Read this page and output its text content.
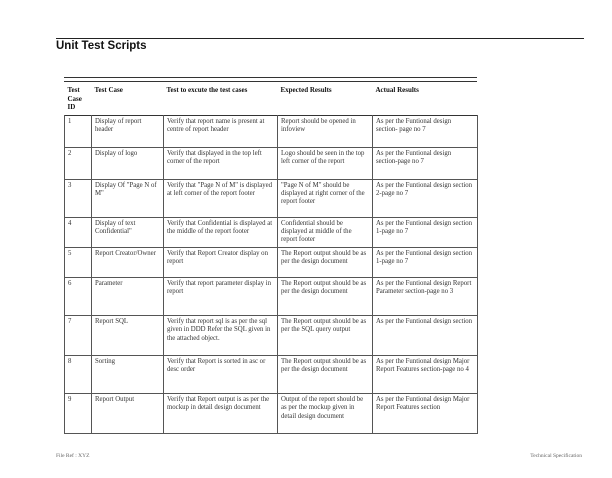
Unit Test Scripts
Test Case ID	Test Case	Test to excute the test cases	Expected Results	Actual Results
1	Display of report header	Verify that report name is present at centre of report header	Report should be opened in infoview	As per the Funtional design section- page no 7
2	Display of logo	Verify that displayed in the top left corner of the report	Logo should be seen in the top left corner of the report	As per the Funtional design section-page no 7
3	Display Of "Page N of M"	Verify that "Page N of M" is displayed at left corner of the report footer	"Page N of M" should be displayed at right corner of the report footer	As per the Funtional design section 2-page no 7
4	Display of text Confidential"	Verify that Confidential is displayed at the middle of the report footer	Confidential should be displayed at middle of the report footer	As per the Funtional design section 1-page no 7
5	Report Creator/Owner	Verify that Report Creator display on report	The Report output should be as per the design document	As per the Funtional design section 1-page no 7
6	Parameter	Verify that report parameter display in report	The Report output should be as per the design document	As per the Funtional design Report Parameter section-page no 3
7	Report SQL	Verify that report sql is as per the sql given in DDD Refer the SQL given in the attached object.	The Report output should be as per the SQL query output	As per the Funtional design section
8	Sorting	Verify that Report is sorted in asc or desc order	The Report output should be as per the design document	As per the Funtional design Major Report Features section-page no 4
9	Report Output	Verify that Report output is as per the mockup in detail design document	Output of the report should be as per the mockup given in detail design document	As per the Funtional design Major Report Features section
File Ref : XYZ	Technical Specification
